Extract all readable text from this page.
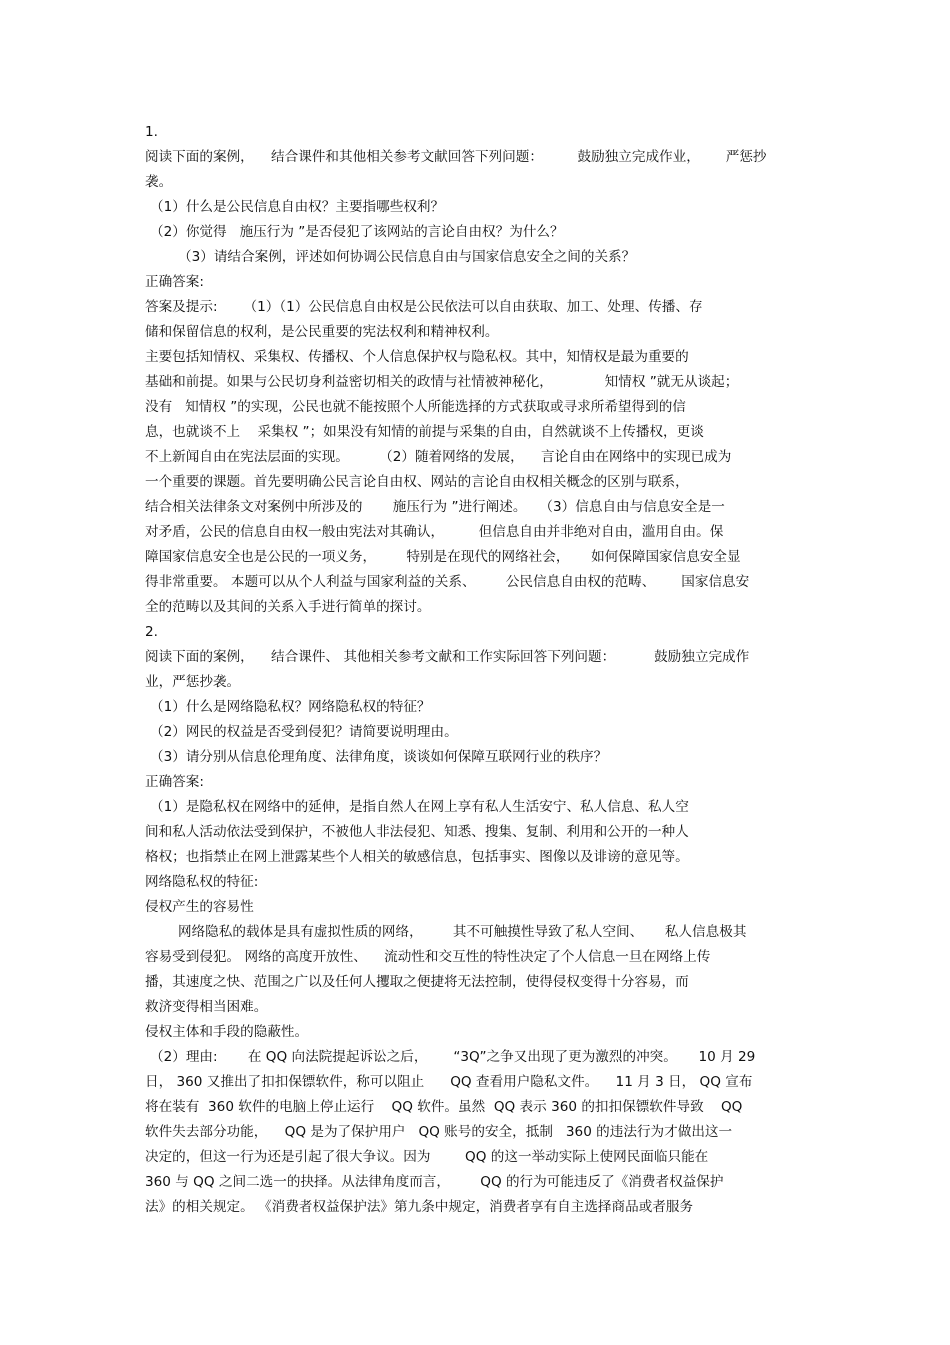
1.
阅读下面的案例，    结合课件和其他相关参考文献回答下列问题：        鼓励独立完成作业，      严惩抄
袭。
（1）什么是公民信息自由权？主要指哪些权利？
（2）你觉得   施压行为 ”是否侵犯了该网站的言论自由权？为什么？
（3）请结合案例，评述如何协调公民信息自由与国家信息安全之间的关系？
正确答案:
答案及提示:      （1）（1）公民信息自由权是公民依法可以自由获取、加工、处理、传播、存
储和保留信息的权利，是公民重要的宪法权利和精神权利。
主要包括知情权、采集权、传播权、个人信息保护权与隐私权。其中，知情权是最为重要的
基础和前提。如果与公民切身利益密切相关的政情与社情被神秘化，            知情权 ”就无从谈起；
没有   知情权 ”的实现，公民也就不能按照个人所能选择的方式获取或寻求所希望得到的信
息，也就谈不上    采集权 ”；如果没有知情的前提与采集的自由，自然就谈不上传播权，更谈
不上新闻自由在宪法层面的实现。       （2）随着网络的发展，    言论自由在网络中的实现已成为
一个重要的课题。首先要明确公民言论自由权、网站的言论自由权相关概念的区别与联系，
结合相关法律条文对案例中所涉及的       施压行为 ”进行阐述。   （3）信息自由与信息安全是一
对矛盾，公民的信息自由权一般由宪法对其确认，        但信息自由并非绝对自由，滥用自由。保
障国家信息安全也是公民的一项义务，       特别是在现代的网络社会，     如何保障国家信息安全显
得非常重要。 本题可以从个人利益与国家利益的关系、       公民信息自由权的范畴、      国家信息安
全的范畴以及其间的关系入手进行简单的探讨。
2.
阅读下面的案例，    结合课件、 其他相关参考文献和工作实际回答下列问题：         鼓励独立完成作
业，严惩抄袭。
（1）什么是网络隐私权？网络隐私权的特征？
（2）网民的权益是否受到侵犯？请简要说明理由。
（3）请分别从信息伦理角度、法律角度，谈谈如何保障互联网行业的秩序？
正确答案:
（1）是隐私权在网络中的延伸，是指自然人在网上享有私人生活安宁、私人信息、私人空
间和私人活动依法受到保护，不被他人非法侵犯、知悉、搜集、复制、利用和公开的一种人
格权；也指禁止在网上泄露某些个人相关的敏感信息，包括事实、图像以及诽谤的意见等。
网络隐私权的特征:
侵权产生的容易性
网络隐私的载体是具有虚拟性质的网络，       其不可触摸性导致了私人空间、     私人信息极其
容易受到侵犯。 网络的高度开放性、    流动性和交互性的特性决定了个人信息一旦在网络上传
播，其速度之快、范围之广以及任何人攫取之便捷将无法控制，使得侵权变得十分容易，而
救济变得相当困难。
侵权主体和手段的隐蔽性。
（2）理由:       在 QQ 向法院提起诉讼之后，      “3Q”之争又出现了更为激烈的冲突。     10 月 29
日， 360 又推出了扣扣保镖软件，称可以阻止      QQ 查看用户隐私文件。    11 月 3 日， QQ 宣布
将在装有  360 软件的电脑上停止运行    QQ 软件。虽然  QQ 表示 360 的扣扣保镖软件导致    QQ
软件失去部分功能，    QQ 是为了保护用户   QQ 账号的安全，抵制   360 的违法行为才做出这一
决定的，但这一行为还是引起了很大争议。因为        QQ 的这一举动实际上使网民面临只能在
360 与 QQ 之间二选一的抉择。从法律角度而言，       QQ 的行为可能违反了《消费者权益保护
法》的相关规定。 《消费者权益保护法》第九条中规定，消费者享有自主选择商品或者服务
